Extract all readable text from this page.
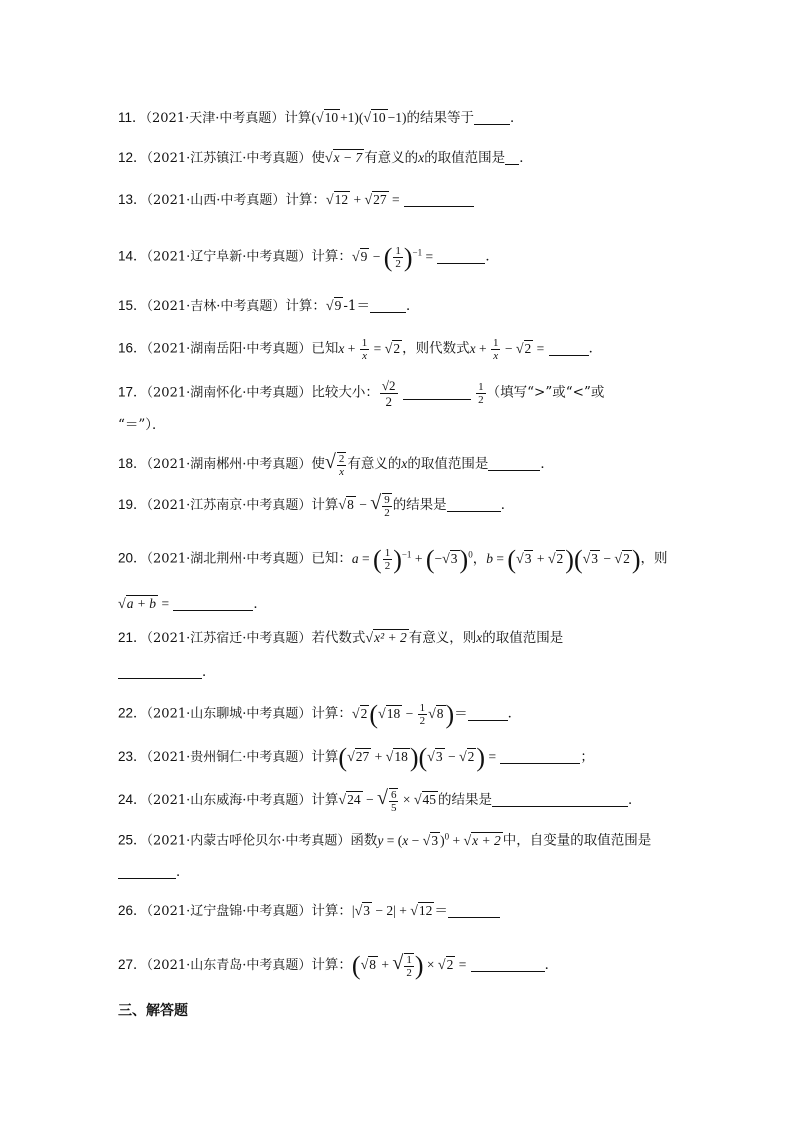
11．（2021·天津·中考真题）计算(√10 +1)(√10 −1)的结果等于	．
12．（2021·江苏镇江·中考真题）使√x − 7 有意义的x的取值范围是 ．
13．（2021·山西·中考真题）计算：√12 + √27 =
14．（2021·辽宁阜新·中考真题）计算：√9 − ( $\frac{1}{2} )^{-1}$ =	．
15．（2021·吉林·中考真题）计算：√9 -1＝	．
16．（2021·湖南岳阳·中考真题）已知$x + \frac{1}{x} = √2$ ，则代数式$x + \frac{1}{x} - √2$ =	．
17．（2021·湖南怀化·中考真题）比较大小： $\frac{√2}{2}$
	$\frac{1}{2}$ （填写“>”或“<”或
“＝”）．
18．（2021·湖南郴州·中考真题）使√ $\frac{2}{x}$ 有意义的x的取值范围是	．
19．（2021·江苏南京·中考真题）计算√8 − √ $\frac{9}{2}$ 的结果是	．
20．（2021·湖北荆州·中考真题）已知：a = ( $\frac{1}{2} )^{-1} + (-√3)^0$，b = (√3 + √2)(√3 − √2)，则
√a + b =	．
21．（2021·江苏宿迁·中考真题）若代数式√x² + 2 有意义，则x的取值范围是
．
22．（2021·山东聊城·中考真题）计算：$√2(√18 - \frac{1}{2} √8)=$	．
23．（2021·贵州铜仁·中考真题）计算(√27 + √18)(√3 − √2) =	；
24．（2021·山东威海·中考真题）计算√24 − √ $\frac{6}{5} \times √45$ 的结果是	．
25．（2021·内蒙古呼伦贝尔·中考真题）函数y = (x − √3 )$^0$ + √x + 2 中，自变量的取值范围是
．
26．（2021·辽宁盘锦·中考真题）计算：|√3 − 2| + √12 ＝
27．（2021·山东青岛·中考真题）计算：(√8 + √ $\frac{1}{2}$ ) × √2 =	．
三、解答题
